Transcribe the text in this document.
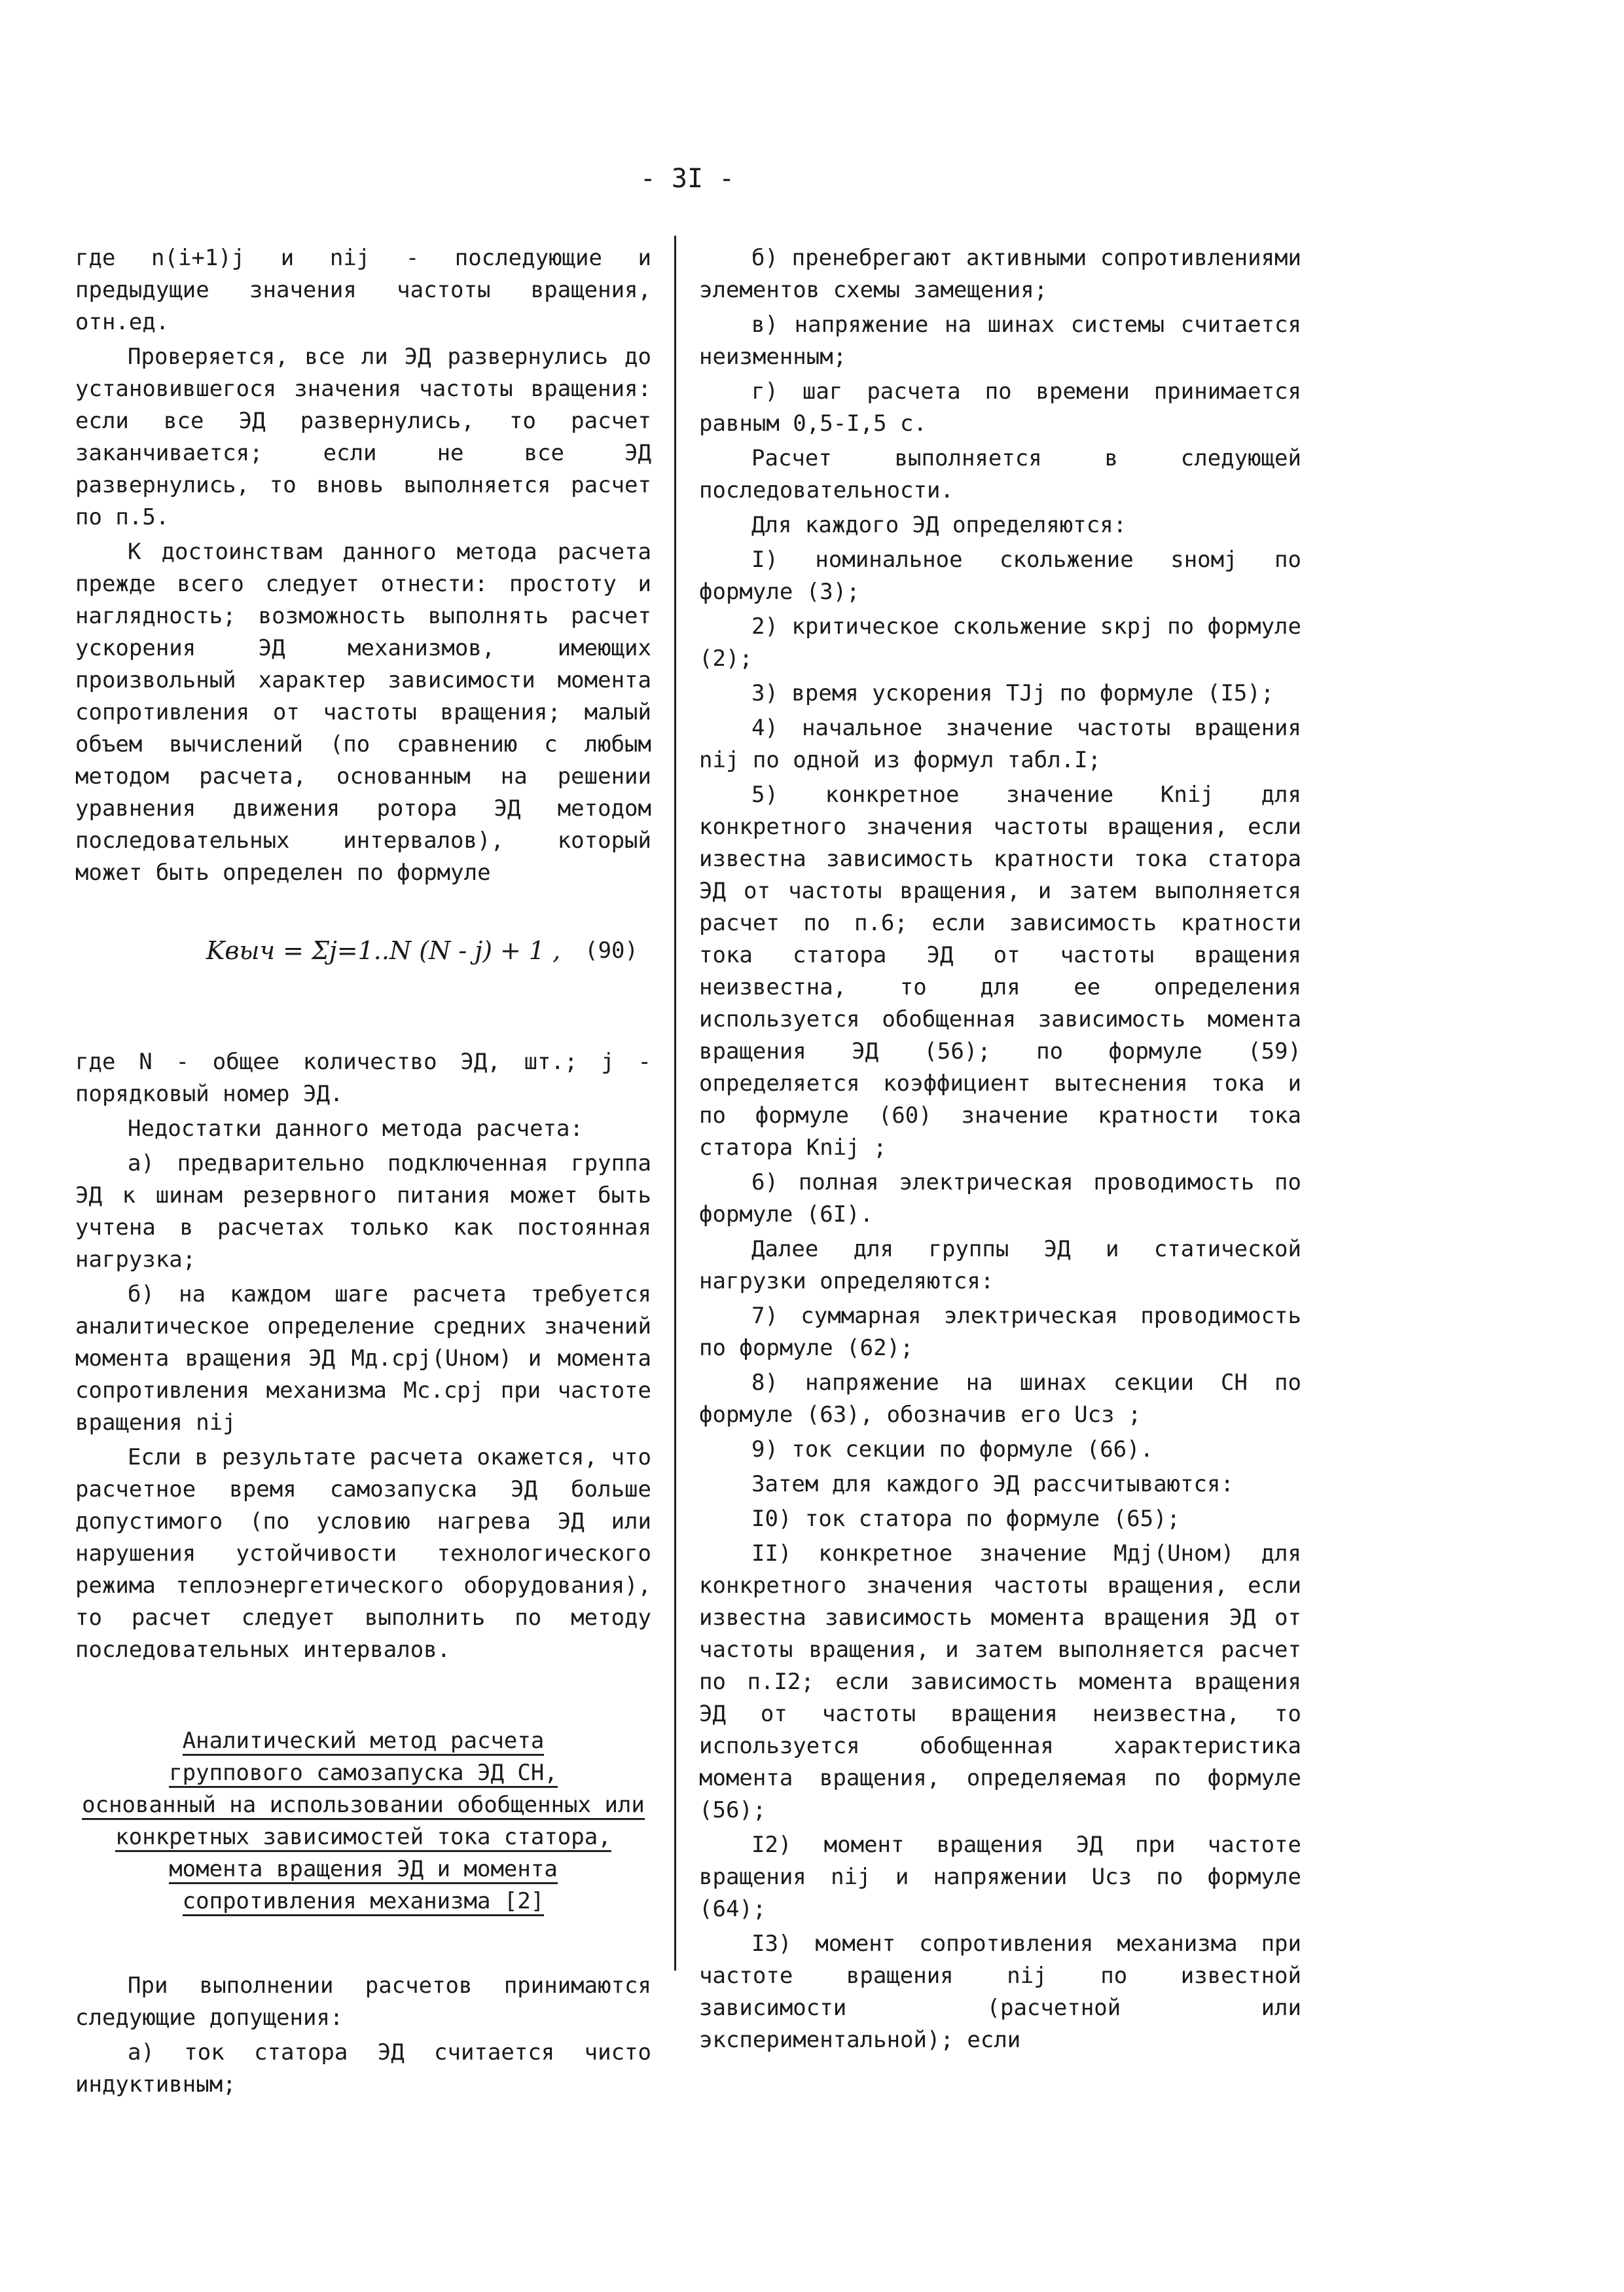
- 3I -

где n(i+1)j и nij - последующие и предыдущие значения частоты вращения, отн.ед.

Проверяется, все ли ЭД развернулись до установившегося значения частоты вращения: если все ЭД развернулись, то расчет заканчивается; если не все ЭД развернулись, то вновь выполняется расчет по п.5.

К достоинствам данного метода расчета прежде всего следует отнести: простоту и наглядность; возможность выполнять расчет ускорения ЭД механизмов, имеющих произвольный характер зависимости момента сопротивления от частоты вращения; малый объем вычислений (по сравнению с любым методом расчета, основанным на решении уравнения движения ротора ЭД методом последовательных интервалов), который может быть определен по формуле

Kвыч = Σj=1..N (N - j) + 1 , (90)

где N - общее количество ЭД, шт.; j - порядковый номер ЭД.

Недостатки данного метода расчета:

а) предварительно подключенная группа ЭД к шинам резервного питания может быть учтена в расчетах только как постоянная нагрузка;

б) на каждом шаге расчета требуется аналитическое определение средних значений момента вращения ЭД Mд.срj(Uном) и момента сопротивления механизма Mс.срj при частоте вращения nij

Если в результате расчета окажется, что расчетное время самозапуска ЭД больше допустимого (по условию нагрева ЭД или нарушения устойчивости технологического режима теплоэнергетического оборудования), то расчет следует выполнить по методу последовательных интервалов.

Аналитический метод расчета
группового самозапуска ЭД СН,
основанный на использовании обобщенных или
конкретных зависимостей тока статора,
момента вращения ЭД и момента
сопротивления механизма [2]

При выполнении расчетов принимаются следующие допущения:

а) ток статора ЭД считается чисто индуктивным;

б) пренебрегают активными сопротивлениями элементов схемы замещения;

в) напряжение на шинах системы считается неизменным;

г) шаг расчета по времени принимается равным 0,5-I,5 с.

Расчет выполняется в следующей последовательности.

Для каждого ЭД определяются:

I) номинальное скольжение sномj по формуле (3);

2) критическое скольжение sкрj по формуле (2);

3) время ускорения TJj по формуле (I5);

4) начальное значение частоты вращения nij по одной из формул табл.I;

5) конкретное значение Knij для конкретного значения частоты вращения, если известна зависимость кратности тока статора ЭД от частоты вращения, и затем выполняется расчет по п.6; если зависимость кратности тока статора ЭД от частоты вращения неизвестна, то для ее определения используется обобщенная зависимость момента вращения ЭД (56); по формуле (59) определяется коэффициент вытеснения тока и по формуле (60) значение кратности тока статора Knij ;

6) полная электрическая проводимость по формуле (6I).

Далее для группы ЭД и статической нагрузки определяются:

7) суммарная электрическая проводимость по формуле (62);

8) напряжение на шинах секции СН по формуле (63), обозначив его Uсз ;

9) ток секции по формуле (66).

Затем для каждого ЭД рассчитываются:

I0) ток статора по формуле (65);

II) конкретное значение Mдj(Uном) для конкретного значения частоты вращения, если известна зависимость момента вращения ЭД от частоты вращения, и затем выполняется расчет по п.I2; если зависимость момента вращения ЭД от частоты вращения неизвестна, то используется обобщенная характеристика момента вращения, определяемая по формуле (56);

I2) момент вращения ЭД при частоте вращения nij и напряжении Uсз по формуле (64);

I3) момент сопротивления механизма при частоте вращения nij по известной зависимости (расчетной или экспериментальной); если
